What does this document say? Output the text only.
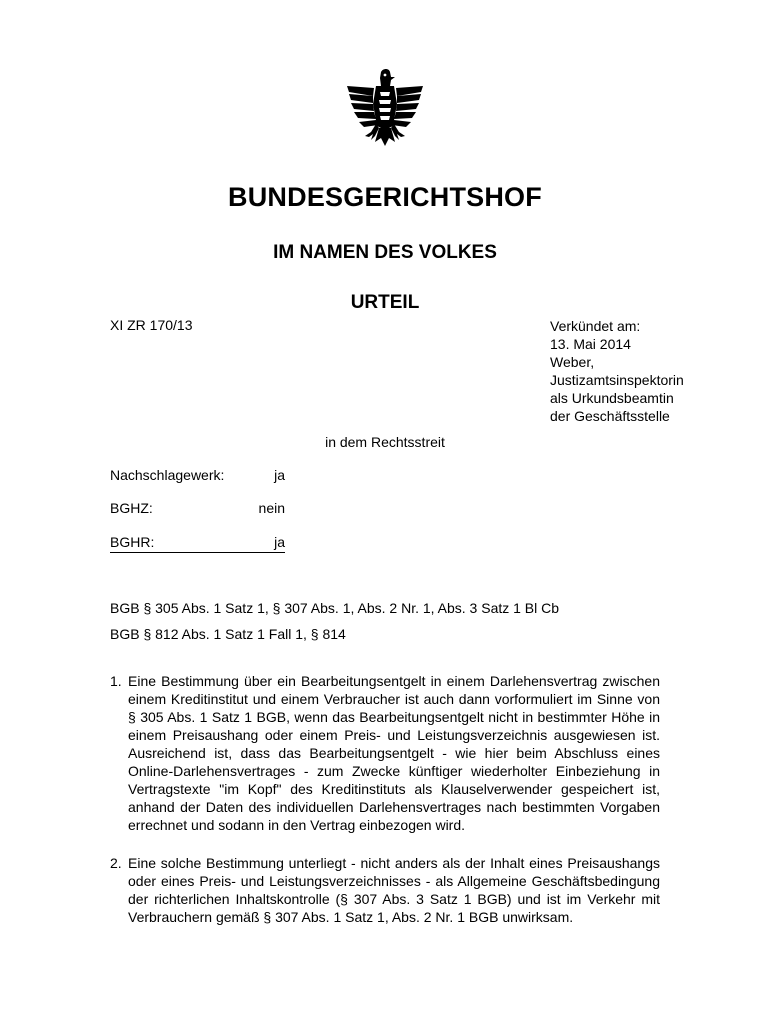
BUNDESGERICHTSHOF
IM NAMEN DES VOLKES
URTEIL
XI ZR 170/13	Verkündet am:
13. Mai 2014
Weber,
Justizamtsinspektorin
als Urkundsbeamtin
der Geschäftsstelle
in dem Rechtsstreit
Nachschlagewerk:	ja
BGHZ:	nein
BGHR:	ja
BGB § 305 Abs. 1 Satz 1, § 307 Abs. 1, Abs. 2 Nr. 1, Abs. 3 Satz 1 Bl Cb
BGB § 812 Abs. 1 Satz 1 Fall 1, § 814
1. Eine Bestimmung über ein Bearbeitungsentgelt in einem Darlehensvertrag zwischen einem Kreditinstitut und einem Verbraucher ist auch dann vorformuliert im Sinne von § 305 Abs. 1 Satz 1 BGB, wenn das Bearbeitungsentgelt nicht in bestimmter Höhe in einem Preisaushang oder einem Preis- und Leistungsverzeichnis ausgewiesen ist. Ausreichend ist, dass das Bearbeitungsentgelt - wie hier beim Abschluss eines Online-Darlehensvertrages - zum Zwecke künftiger wiederholter Einbeziehung in Vertragstexte "im Kopf" des Kreditinstituts als Klauselverwender gespeichert ist, anhand der Daten des individuellen Darlehensvertrages nach bestimmten Vorgaben errechnet und sodann in den Vertrag einbezogen wird.
2. Eine solche Bestimmung unterliegt - nicht anders als der Inhalt eines Preisaushangs oder eines Preis- und Leistungsverzeichnisses - als Allgemeine Geschäftsbedingung der richterlichen Inhaltskontrolle (§ 307 Abs. 3 Satz 1 BGB) und ist im Verkehr mit Verbrauchern gemäß § 307 Abs. 1 Satz 1, Abs. 2 Nr. 1 BGB unwirksam.
